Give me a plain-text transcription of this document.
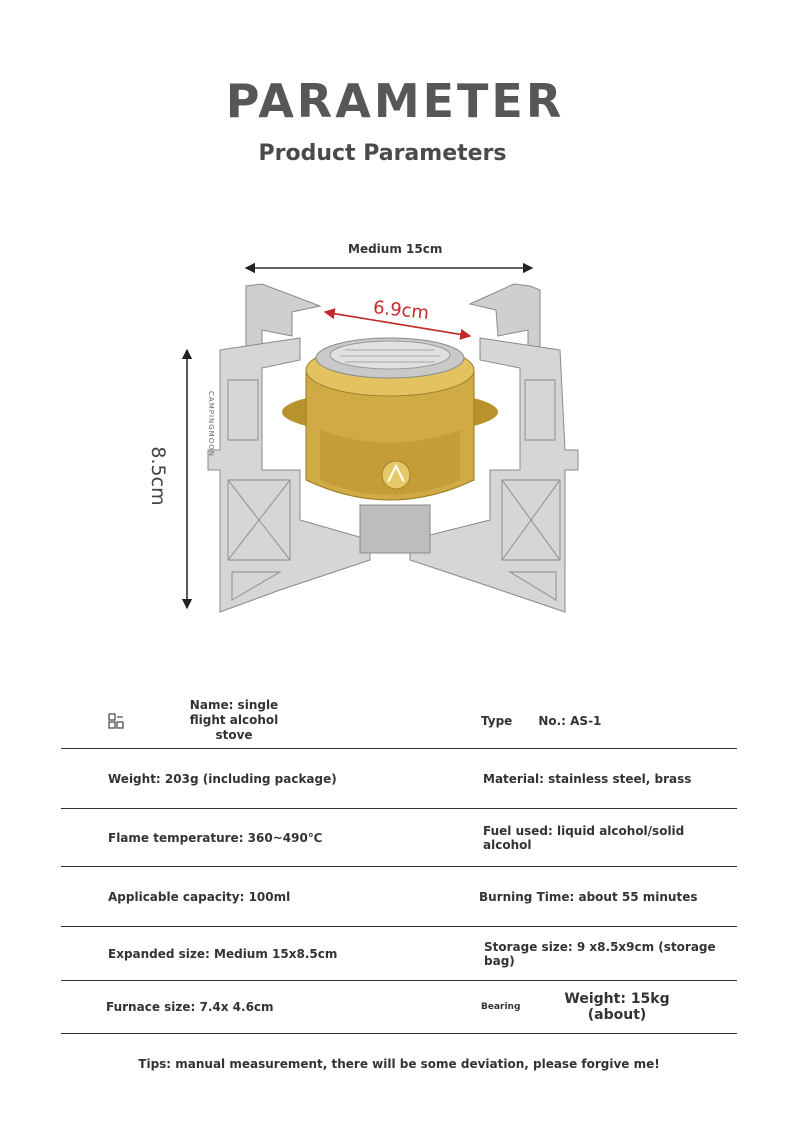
PARAMETER
Product Parameters
Medium 15cm
6.9cm
8.5cm
CAMPINGMOON
Name: single flight alcohol stove	Type No.: AS-1

Weight: 203g (including package)	Material: stainless steel, brass
Flame temperature: 360~490℃	Fuel used: liquid alcohol/solid alcohol
Applicable capacity: 100ml	Burning Time: about 55 minutes
Expanded size: Medium 15x8.5cm	Storage size: 9 x8.5x9cm (storage bag)
Furnace size: 7.4x 4.6cm	Bearing Weight: 15kg
(about)
Tips: manual measurement, there will be some deviation, please forgive me!
